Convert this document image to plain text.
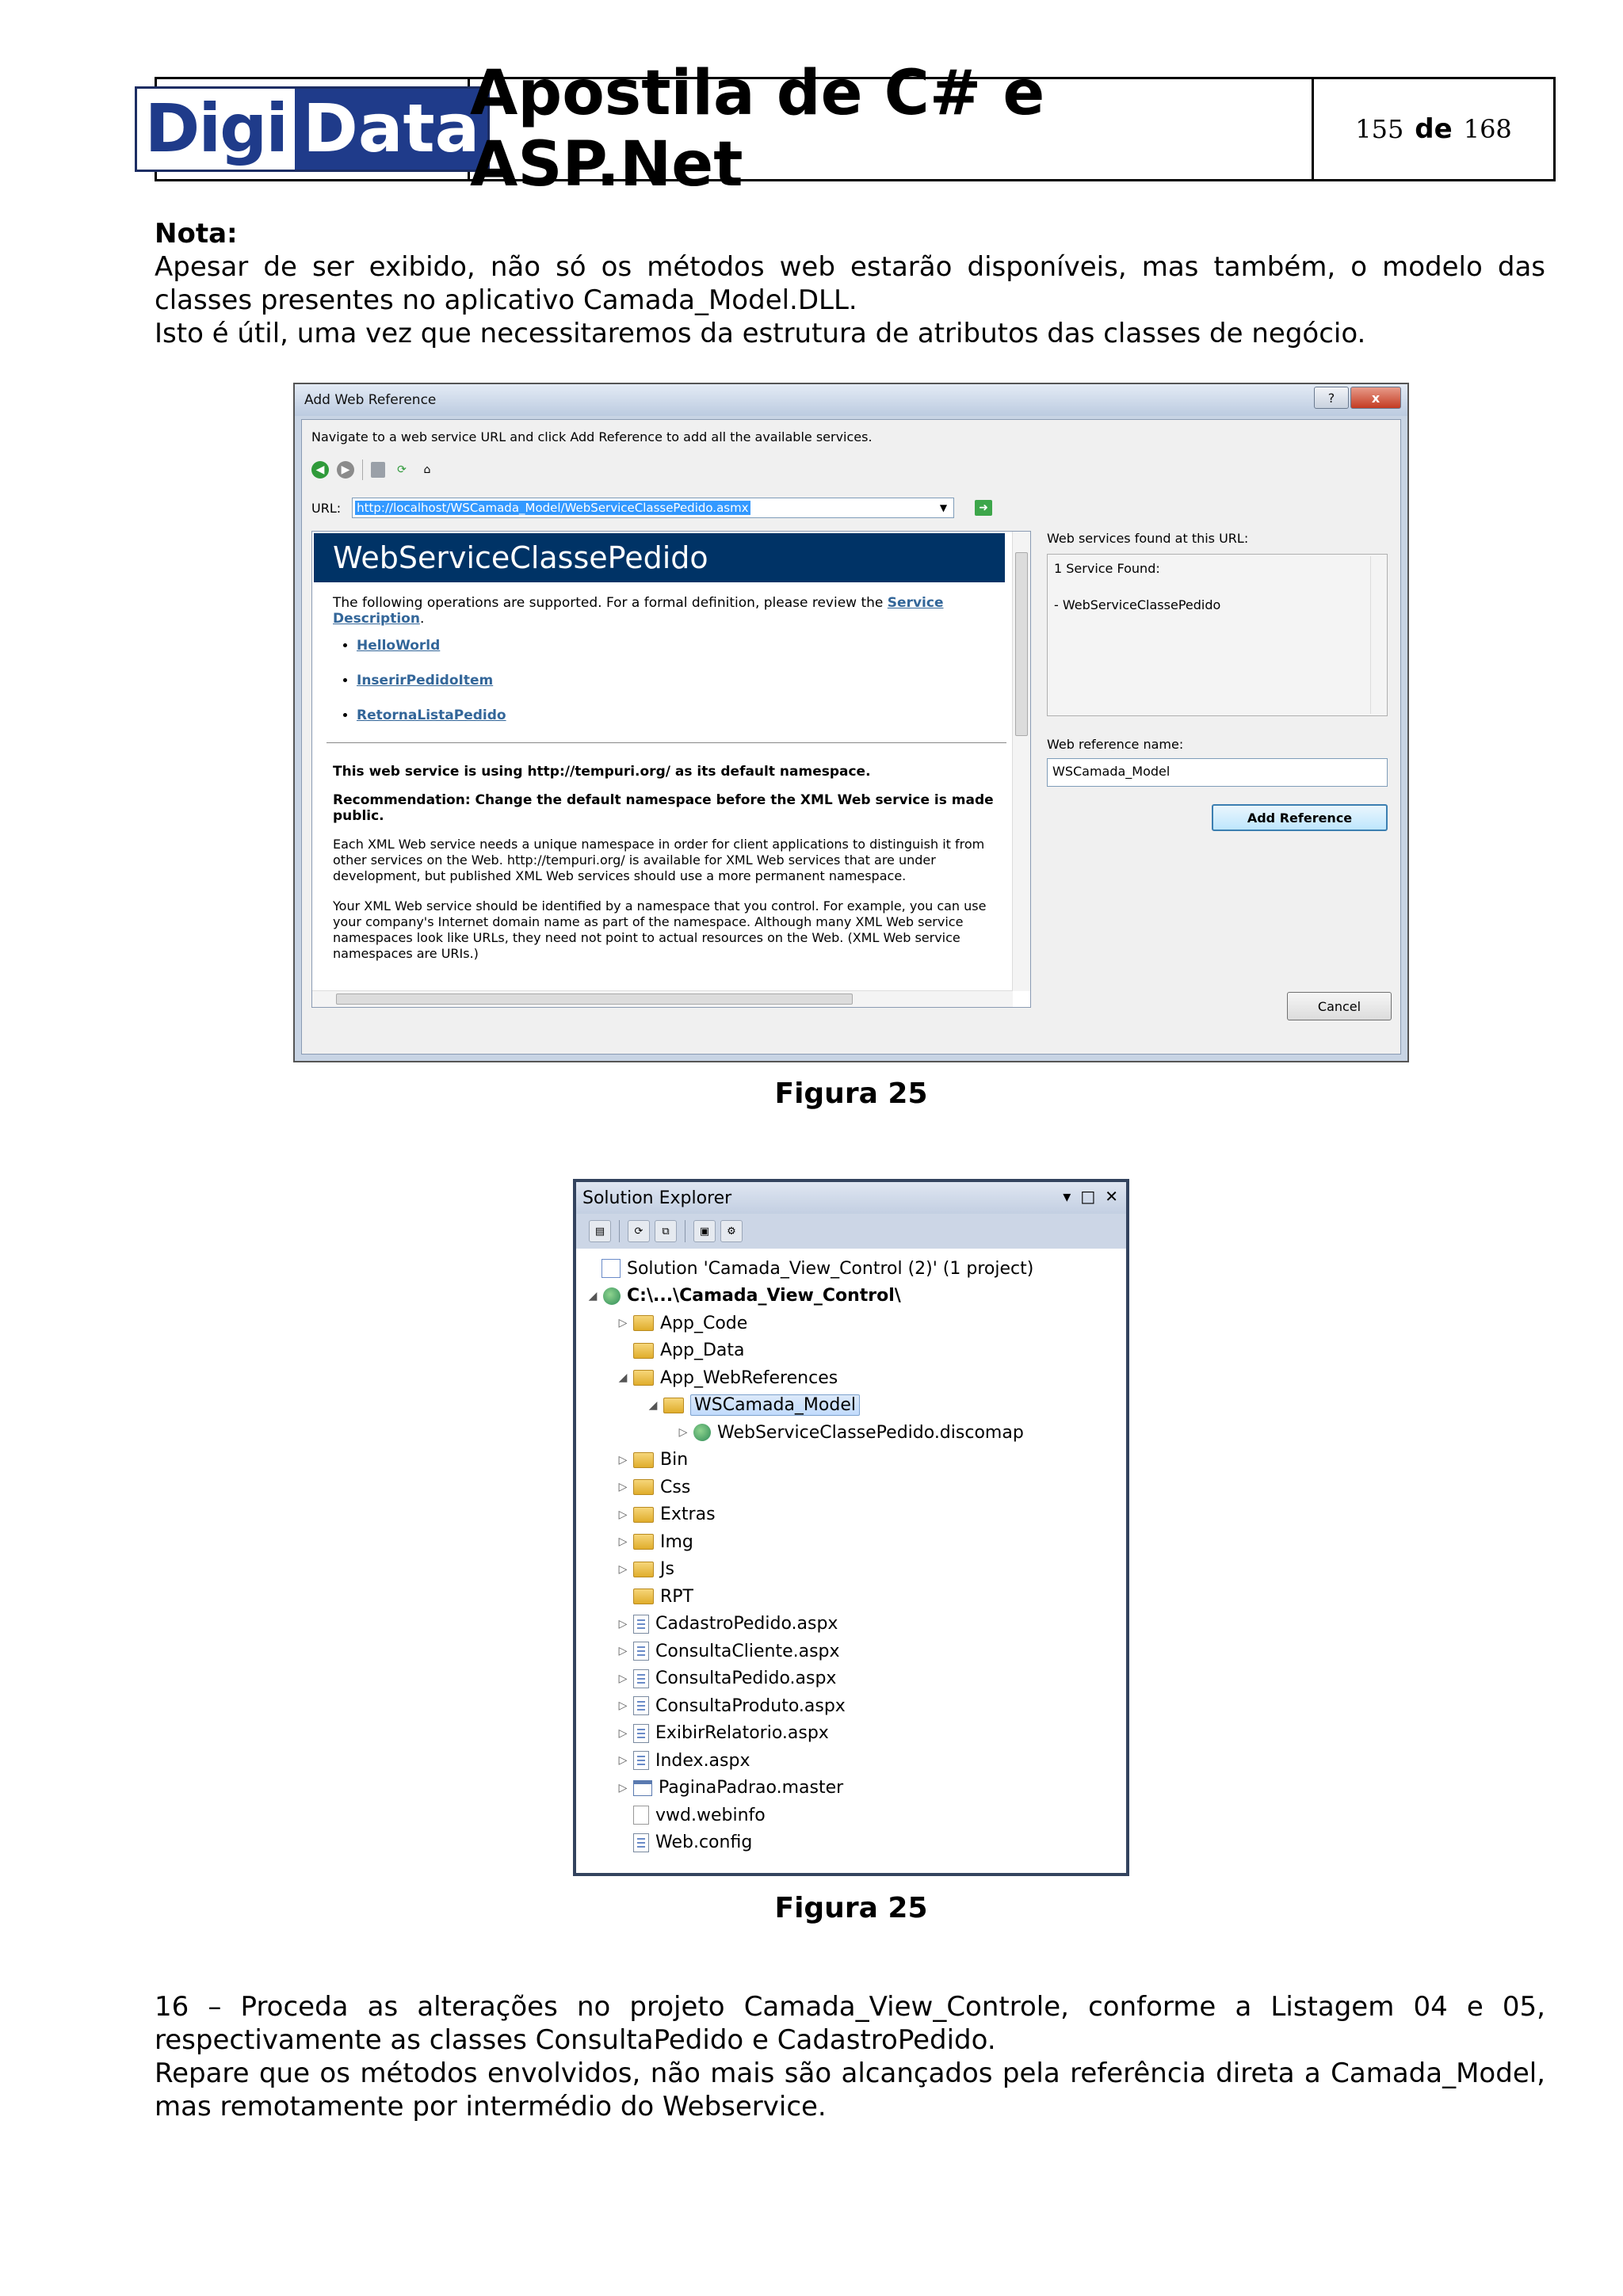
Digi Data
Apostila de C# e ASP.Net	155 de 168
Nota:
Apesar de ser exibido, não só os métodos web estarão disponíveis, mas também, o modelo das classes presentes no aplicativo Camada_Model.DLL.
Isto é útil, uma vez que necessitaremos da estrutura de atributos das classes de negócio.
Add Web Reference	?	x
Navigate to a web service URL and click Add Reference to add all the available services.
◀	▶	⟳	⌂
URL: http://localhost/WSCamada_Model/WebServiceClassePedido.asmx	▼	➜
WebServiceClassePedido
The following operations are supported. For a formal definition, please review the Service Description.
• HelloWorld
• InserirPedidoItem
• RetornaListaPedido
This web service is using http://tempuri.org/ as its default namespace.
Recommendation: Change the default namespace before the XML Web service is made public.
Each XML Web service needs a unique namespace in order for client applications to distinguish it from other services on the Web. http://tempuri.org/ is available for XML Web services that are under development, but published XML Web services should use a more permanent namespace.
Your XML Web service should be identified by a namespace that you control. For example, you can use your company's Internet domain name as part of the namespace. Although many XML Web service namespaces look like URLs, they need not point to actual resources on the Web. (XML Web service namespaces are URIs.)
Web services found at this URL:
1 Service Found:
- WebServiceClassePedido
Web reference name:
WSCamada_Model
Add Reference
Cancel
Figura 25
Solution Explorer	▾ □ ✕
▤	⟳	⧉	▣	⚙
Solution 'Camada_View_Control (2)' (1 project)
◢ C:\...\Camada_View_Control\
▷ App_Code
App_Data
◢ App_WebReferences
◢ WSCamada_Model
▷ WebServiceClassePedido.discomap
▷ Bin
▷ Css
▷ Extras
▷ Img
▷ Js
RPT
▷ CadastroPedido.aspx
▷ ConsultaCliente.aspx
▷ ConsultaPedido.aspx
▷ ConsultaProduto.aspx
▷ ExibirRelatorio.aspx
▷ Index.aspx
▷ PaginaPadrao.master
vwd.webinfo
Web.config
Figura 25
16 – Proceda as alterações no projeto Camada_View_Controle, conforme a Listagem 04 e 05, respectivamente as classes ConsultaPedido e CadastroPedido.
Repare que os métodos envolvidos, não mais são alcançados pela referência direta a Camada_Model, mas remotamente por intermédio do Webservice.
